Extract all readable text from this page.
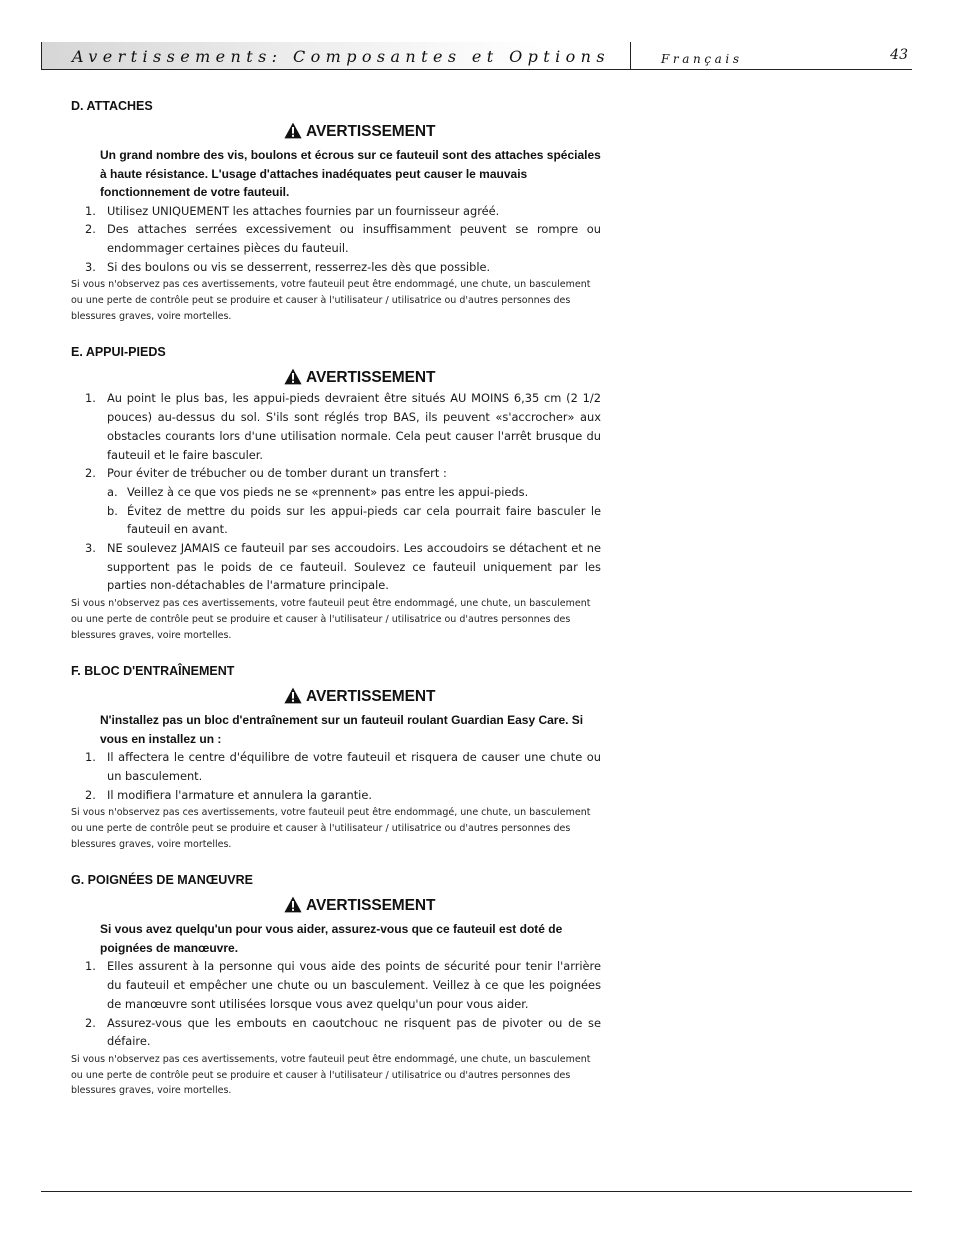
Avertissements: Composantes et Options	Français	43
D. ATTACHES
AVERTISSEMENT
Un grand nombre des vis, boulons et écrous sur ce fauteuil sont des attaches spéciales à haute résistance. L'usage d'attaches inadéquates peut causer le mauvais fonctionnement de votre fauteuil.
1. Utilisez UNIQUEMENT les attaches fournies par un fournisseur agréé.
2. Des attaches serrées excessivement ou insuffisamment peuvent se rompre ou endommager certaines pièces du fauteuil.
3. Si des boulons ou vis se desserrent, resserrez-les dès que possible.

Si vous n'observez pas ces avertissements, votre fauteuil peut être endommagé, une chute, un basculement ou une perte de contrôle peut se produire et causer à l'utilisateur / utilisatrice ou d'autres personnes des blessures graves, voire mortelles.

E. APPUI-PIEDS
AVERTISSEMENT
1. Au point le plus bas, les appui-pieds devraient être situés AU MOINS 6,35 cm (2 1/2 pouces) au-dessus du sol. S'ils sont réglés trop BAS, ils peuvent «s'accrocher» aux obstacles courants lors d'une utilisation normale. Cela peut causer l'arrêt brusque du fauteuil et le faire basculer.
2. Pour éviter de trébucher ou de tomber durant un transfert :
a. Veillez à ce que vos pieds ne se «prennent» pas entre les appui-pieds.
b. Évitez de mettre du poids sur les appui-pieds car cela pourrait faire basculer le fauteuil en avant.
3. NE soulevez JAMAIS ce fauteuil par ses accoudoirs. Les accoudoirs se détachent et ne supportent pas le poids de ce fauteuil. Soulevez ce fauteuil uniquement par les parties non-détachables de l'armature principale.

Si vous n'observez pas ces avertissements, votre fauteuil peut être endommagé, une chute, un basculement ou une perte de contrôle peut se produire et causer à l'utilisateur / utilisatrice ou d'autres personnes des blessures graves, voire mortelles.

F. BLOC D'ENTRAÎNEMENT
AVERTISSEMENT
N'installez pas un bloc d'entraînement sur un fauteuil roulant Guardian Easy Care. Si vous en installez un :
1. Il affectera le centre d'équilibre de votre fauteuil et risquera de causer une chute ou un basculement.
2. Il modifiera l'armature et annulera la garantie.

Si vous n'observez pas ces avertissements, votre fauteuil peut être endommagé, une chute, un basculement ou une perte de contrôle peut se produire et causer à l'utilisateur / utilisatrice ou d'autres personnes des blessures graves, voire mortelles.

G. POIGNÉES DE MANŒUVRE
AVERTISSEMENT
Si vous avez quelqu'un pour vous aider, assurez-vous que ce fauteuil est doté de poignées de manœuvre.
1. Elles assurent à la personne qui vous aide des points de sécurité pour tenir l'arrière du fauteuil et empêcher une chute ou un basculement. Veillez à ce que les poignées de manœuvre sont utilisées lorsque vous avez quelqu'un pour vous aider.
2. Assurez-vous que les embouts en caoutchouc ne risquent pas de pivoter ou de se défaire.

Si vous n'observez pas ces avertissements, votre fauteuil peut être endommagé, une chute, un basculement ou une perte de contrôle peut se produire et causer à l'utilisateur / utilisatrice ou d'autres personnes des blessures graves, voire mortelles.
